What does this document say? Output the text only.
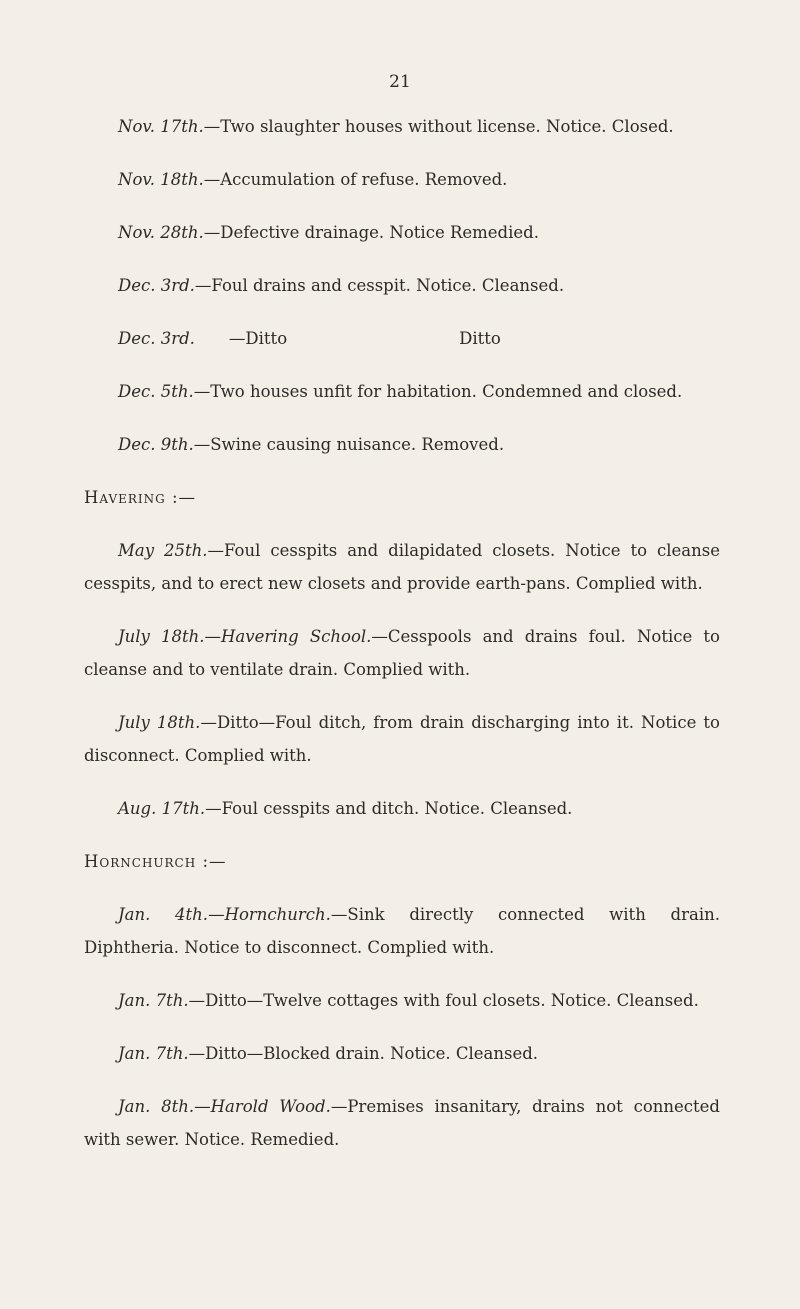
21

Nov. 17th.—Two slaughter houses without license. Notice. Closed.

Nov. 18th.—Accumulation of refuse. Removed.

Nov. 28th.—Defective drainage. Notice Remedied.

Dec. 3rd.—Foul drains and cesspit. Notice. Cleansed.

Dec. 3rd.	—Ditto	Ditto

Dec. 5th.—Two houses unfit for habitation. Condemned and closed.

Dec. 9th.—Swine causing nuisance. Removed.

Havering :—

May 25th.—Foul cesspits and dilapidated closets. Notice to cleanse cesspits, and to erect new closets and provide earth-pans. Complied with.

July 18th.—Havering School.—Cesspools and drains foul. Notice to cleanse and to ventilate drain. Complied with.

July 18th.—Ditto—Foul ditch, from drain discharging into it. Notice to disconnect. Complied with.

Aug. 17th.—Foul cesspits and ditch. Notice. Cleansed.

Hornchurch :—

Jan. 4th.—Hornchurch.—Sink directly connected with drain. Diphtheria. Notice to disconnect. Complied with.

Jan. 7th.—Ditto—Twelve cottages with foul closets. Notice. Cleansed.

Jan. 7th.—Ditto—Blocked drain. Notice. Cleansed.

Jan. 8th.—Harold Wood.—Premises insanitary, drains not connected with sewer. Notice. Remedied.
